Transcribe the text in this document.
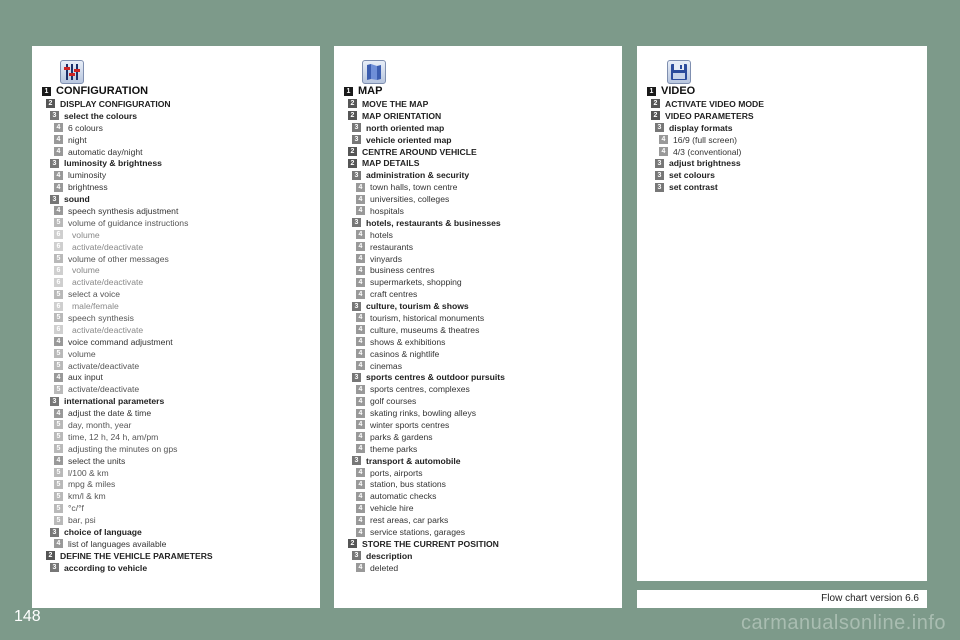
1 CONFIGURATION
2 DISPLAY CONFIGURATION
3 select the colours
4 6 colours
4 night
4 automatic day/night
3 luminosity & brightness
4 luminosity
4 brightness
3 sound
4 speech synthesis adjustment
5 volume of guidance instructions
6	volume
6	activate/deactivate
5 volume of other messages
6	volume
6	activate/deactivate
5 select a voice
6	male/female
5 speech synthesis
6	activate/deactivate
4 voice command adjustment
5 volume
5 activate/deactivate
4 aux input
5 activate/deactivate
3 international parameters
4 adjust the date & time
5 day, month, year
5 time, 12 h, 24 h, am/pm
5 adjusting the minutes on gps
4 select the units
5 l/100 & km
5 mpg & miles
5 km/l & km
5 °c/°f
5 bar, psi
3 choice of language
4 list of languages available
2 DEFINE THE VEHICLE PARAMETERS
3 according to vehicle
1 MAP
2 MOVE THE MAP
2 MAP ORIENTATION
3 north oriented map
3 vehicle oriented map
2 CENTRE AROUND VEHICLE
2 MAP DETAILS
3 administration & security
4 town halls, town centre
4 universities, colleges
4 hospitals
3 hotels, restaurants & businesses
4 hotels
4 restaurants
4 vinyards
4 business centres
4 supermarkets, shopping
4 craft centres
3 culture, tourism & shows
4 tourism, historical monuments
4 culture, museums & theatres
4 shows & exhibitions
4 casinos & nightlife
4 cinemas
3 sports centres & outdoor pursuits
4 sports centres, complexes
4 golf courses
4 skating rinks, bowling alleys
4 winter sports centres
4 parks & gardens
4 theme parks
3 transport & automobile
4 ports, airports
4 station, bus stations
4 automatic checks
4 vehicle hire
4 rest areas, car parks
4 service stations, garages
2 STORE THE CURRENT POSITION
3 description
4 deleted
1 VIDEO
2 ACTIVATE VIDEO MODE
2 VIDEO PARAMETERS
3 display formats
4 16/9 (full screen)
4 4/3 (conventional)
3 adjust brightness
3 set colours
3 set contrast
Flow chart version 6.6
148	carmanualsonline.info
